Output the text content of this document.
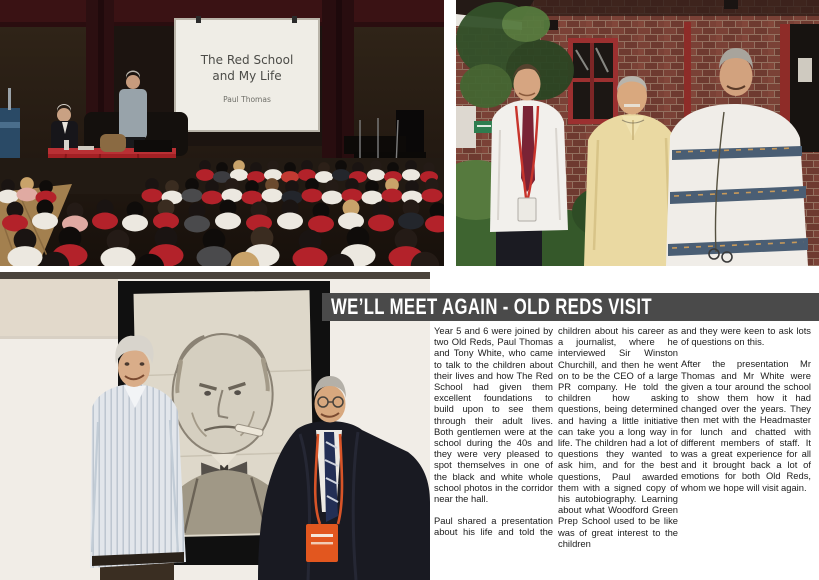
The Red School
and My Life
Paul Thomas
WE’LL MEET AGAIN - OLD REDS VISIT

Year 5 and 6 were joined by two Old Reds, Paul Thomas and Tony White, who came to talk to the children about their lives and how The Red School had given them excellent foundations to build upon to see them through their adult lives. Both gentlemen were at the school during the 40s and they were very pleased to spot themselves in one of the black and white whole school photos in the corridor near the hall.

Paul shared a presentation about his life and told the

children about his career as a journalist, where he interviewed Sir Winston Churchill, and then he went on to be the CEO of a large PR company. He told the children how asking questions, being determined and having a little initiative can take you a long way in life. The children had a lot of questions they wanted to ask him, and for the best questions, Paul awarded them with a signed copy of his autobiography. Learning about what Woodford Green Prep School used to be like was of great interest to the children

and they were keen to ask lots of questions on this.

After the presentation Mr Thomas and Mr White were given a tour around the school to show them how it had changed over the years. They then met with the Headmaster for lunch and chatted with different members of staff. It was a great experience for all and it brought back a lot of emotions for both Old Reds, whom we hope will visit again.
